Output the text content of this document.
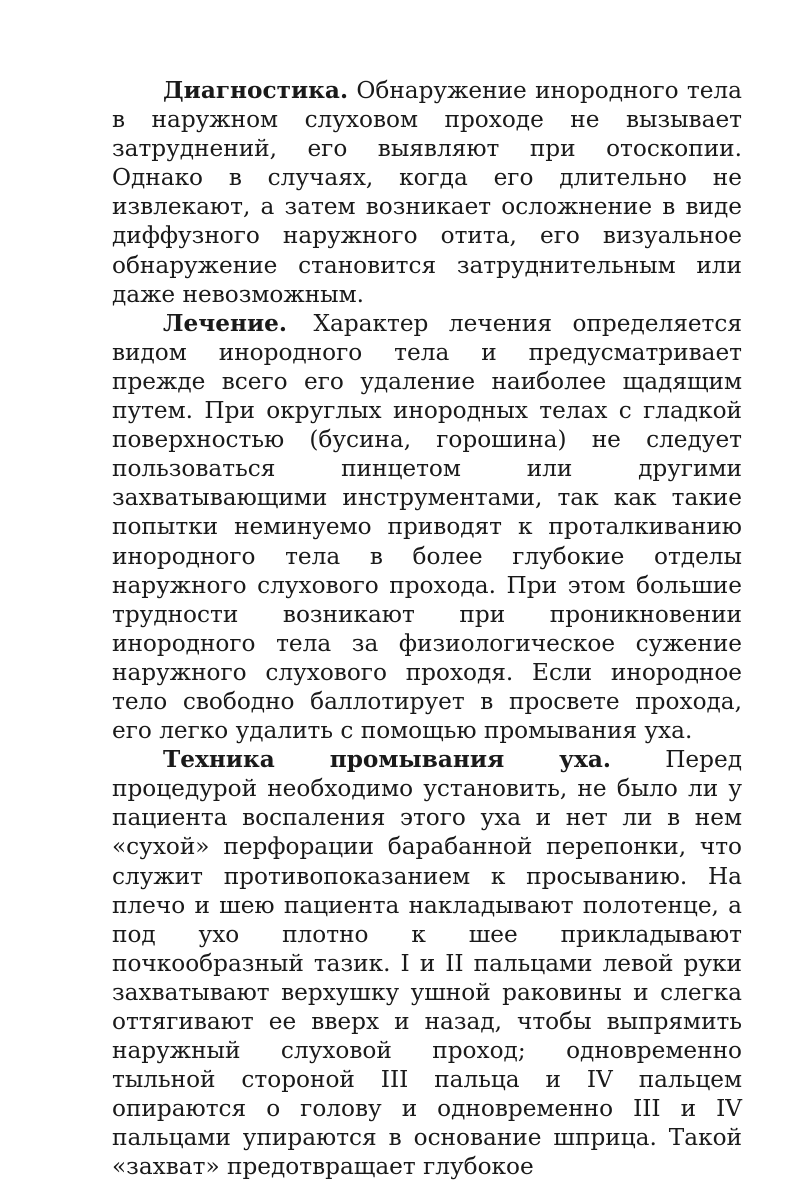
Диагностика. Обнаружение инородного тела в наружном слуховом проходе не вызывает затруднений, его выявляют при отоскопии. Однако в случаях, когда его длительно не извлекают, а затем возникает осложнение в виде диффузного наружного отита, его визуальное обнаружение становится затруднительным или даже невозможным.

Лечение. Характер лечения определяется видом инородного тела и предусматривает прежде всего его удаление наиболее щадящим путем. При округлых инородных телах с гладкой поверхностью (бусина, горошина) не следует пользоваться пинцетом или другими захватывающими инструментами, так как такие попытки неминуемо приводят к проталкиванию инородного тела в более глубокие отделы наружного слухового прохода. При этом большие трудности возникают при проникновении инородного тела за физиологическое сужение наружного слухового проходя. Если инородное тело свободно баллотирует в просвете прохода, его легко удалить с помощью промывания уха.

Техника промывания уха. Перед процедурой необходимо установить, не было ли у пациента воспаления этого уха и нет ли в нем «сухой» перфорации барабанной перепонки, что служит противопоказанием к просыванию. На плечо и шею пациента накладывают полотенце, а под ухо плотно к шее прикладывают почкообразный тазик. I и II пальцами левой руки захватывают верхушку ушной раковины и слегка оттягивают ее вверх и назад, чтобы выпрямить наружный слуховой проход; одновременно тыльной стороной III пальца и IV пальцем опираются о голову и одновременно III и IV пальцами упираются в основание шприца. Такой «захват» предотвращает глубокое
